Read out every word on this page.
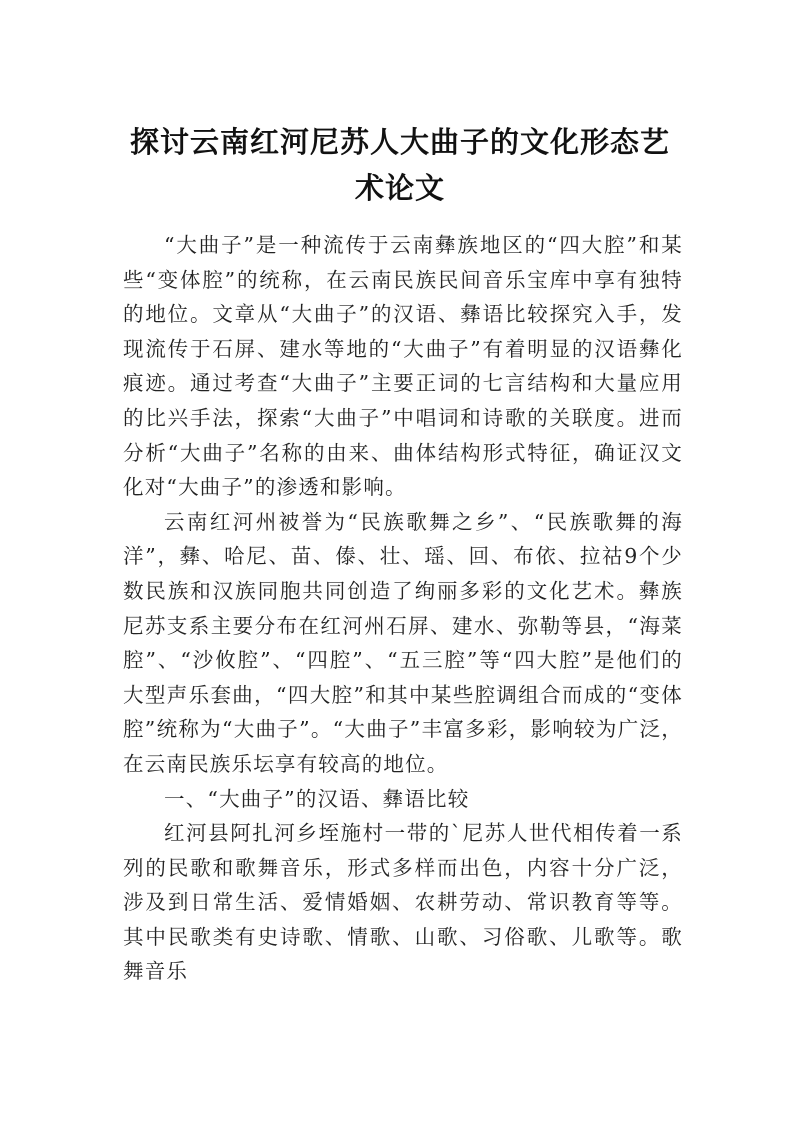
探讨云南红河尼苏人大曲子的文化形态艺
术论文

“大曲子”是一种流传于云南彝族地区的“四大腔”和某些“变体腔”的统称，在云南民族民间音乐宝库中享有独特的地位。文章从“大曲子”的汉语、彝语比较探究入手，发现流传于石屏、建水等地的“大曲子”有着明显的汉语彝化痕迹。通过考查“大曲子”主要正词的七言结构和大量应用的比兴手法，探索“大曲子”中唱词和诗歌的关联度。进而分析“大曲子”名称的由来、曲体结构形式特征，确证汉文化对“大曲子”的渗透和影响。

云南红河州被誉为“民族歌舞之乡”、“民族歌舞的海洋”，彝、哈尼、苗、傣、壮、瑶、回、布依、拉祜9个少数民族和汉族同胞共同创造了绚丽多彩的文化艺术。彝族尼苏支系主要分布在红河州石屏、建水、弥勒等县，“海菜腔”、“沙攸腔”、“四腔”、“五三腔”等“四大腔”是他们的大型声乐套曲，“四大腔”和其中某些腔调组合而成的“变体腔”统称为“大曲子”。“大曲子”丰富多彩，影响较为广泛，在云南民族乐坛享有较高的地位。

一、“大曲子”的汉语、彝语比较

红河县阿扎河乡垤施村一带的`尼苏人世代相传着一系列的民歌和歌舞音乐，形式多样而出色，内容十分广泛，涉及到日常生活、爱情婚姻、农耕劳动、常识教育等等。其中民歌类有史诗歌、情歌、山歌、习俗歌、儿歌等。歌舞音乐
